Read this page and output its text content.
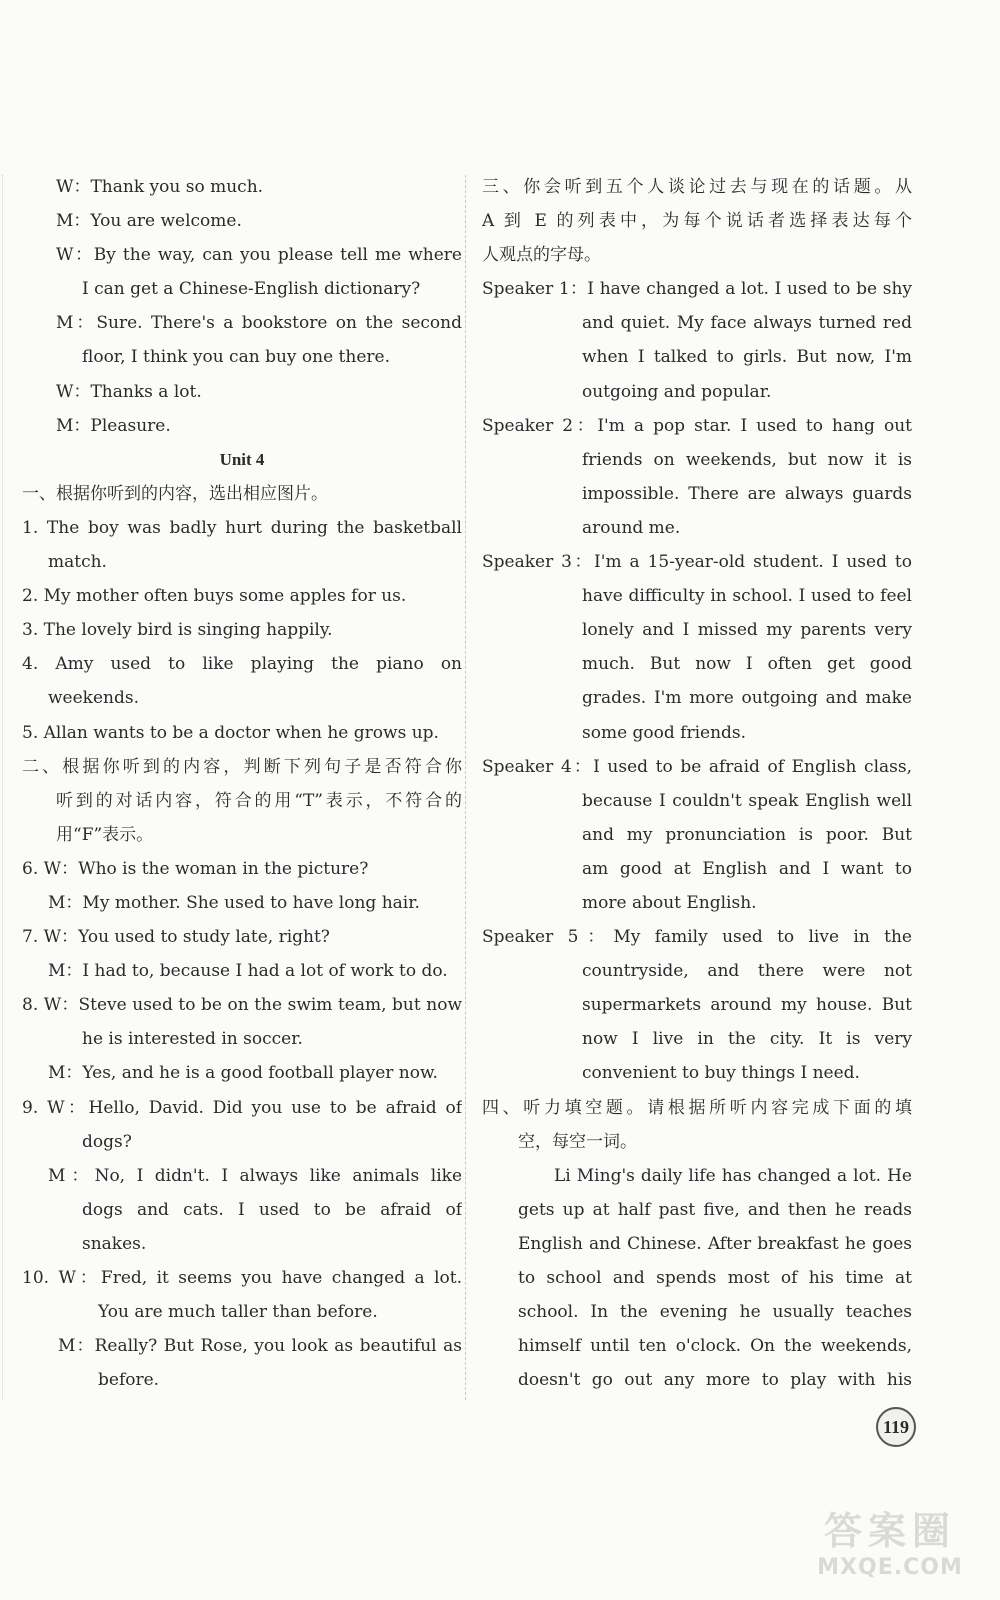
W：Thank you so much.
M：You are welcome.
W：By the way, can you please tell me where
I can get a Chinese-English dictionary?
M：Sure. There's a bookstore on the second
floor, I think you can buy one there.
W：Thanks a lot.
M：Pleasure.
Unit 4
一、根据你听到的内容，选出相应图片。
1. The boy was badly hurt during the basketball
match.
2. My mother often buys some apples for us.
3. The lovely bird is singing happily.
4. Amy used to like playing the piano on
weekends.
5. Allan wants to be a doctor when he grows up.
二、根据你听到的内容，判断下列句子是否符合你
听到的对话内容，符合的用“T”表示，不符合的
用“F”表示。
6. W：Who is the woman in the picture?
M：My mother. She used to have long hair.
7. W：You used to study late, right?
M：I had to, because I had a lot of work to do.
8. W：Steve used to be on the swim team, but now
he is interested in soccer.
M：Yes, and he is a good football player now.
9. W：Hello, David. Did you use to be afraid of
dogs?
M：No, I didn't. I always like animals like
dogs and cats. I used to be afraid of
snakes.
10. W：Fred, it seems you have changed a lot.
You are much taller than before.
M：Really? But Rose, you look as beautiful as
before.
三、你会听到五个人谈论过去与现在的话题。从
A 到 E 的列表中，为每个说话者选择表达每个
人观点的字母。
Speaker 1：I have changed a lot. I used to be shy
and quiet. My face always turned red
when I talked to girls. But now, I'm
outgoing and popular.
Speaker 2：I'm a pop star. I used to hang out
friends on weekends, but now it is
impossible. There are always guards
around me.
Speaker 3：I'm a 15-year-old student. I used to
have difficulty in school. I used to feel
lonely and I missed my parents very
much. But now I often get good
grades. I'm more outgoing and make
some good friends.
Speaker 4：I used to be afraid of English class,
because I couldn't speak English well
and my pronunciation is poor. But
am good at English and I want to
more about English.
Speaker 5：My family used to live in the
countryside, and there were not
supermarkets around my house. But
now I live in the city. It is very
convenient to buy things I need.
四、听力填空题。请根据所听内容完成下面的填
空，每空一词。
Li Ming's daily life has changed a lot. He
gets up at half past five, and then he reads
English and Chinese. After breakfast he goes
to school and spends most of his time at
school. In the evening he usually teaches
himself until ten o'clock. On the weekends,
doesn't go out any more to play with his
119
答案圈
MXQE.COM
